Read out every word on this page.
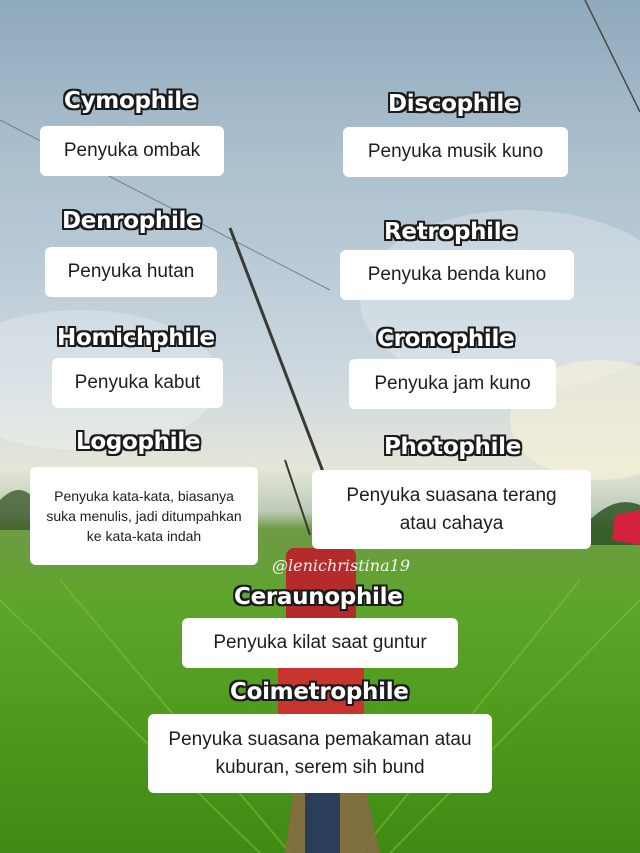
Cymophile
Penyuka ombak
Discophile
Penyuka musik kuno
Denrophile
Penyuka hutan
Retrophile
Penyuka benda kuno
Homichphile
Penyuka kabut
Cronophile
Penyuka jam kuno
Logophile
Penyuka kata-kata, biasanya suka menulis, jadi ditumpahkan ke kata-kata indah
Photophile
Penyuka suasana terang atau cahaya
@lenichristina19
Ceraunophile
Penyuka kilat saat guntur
Coimetrophile
Penyuka suasana pemakaman atau kuburan, serem sih bund
